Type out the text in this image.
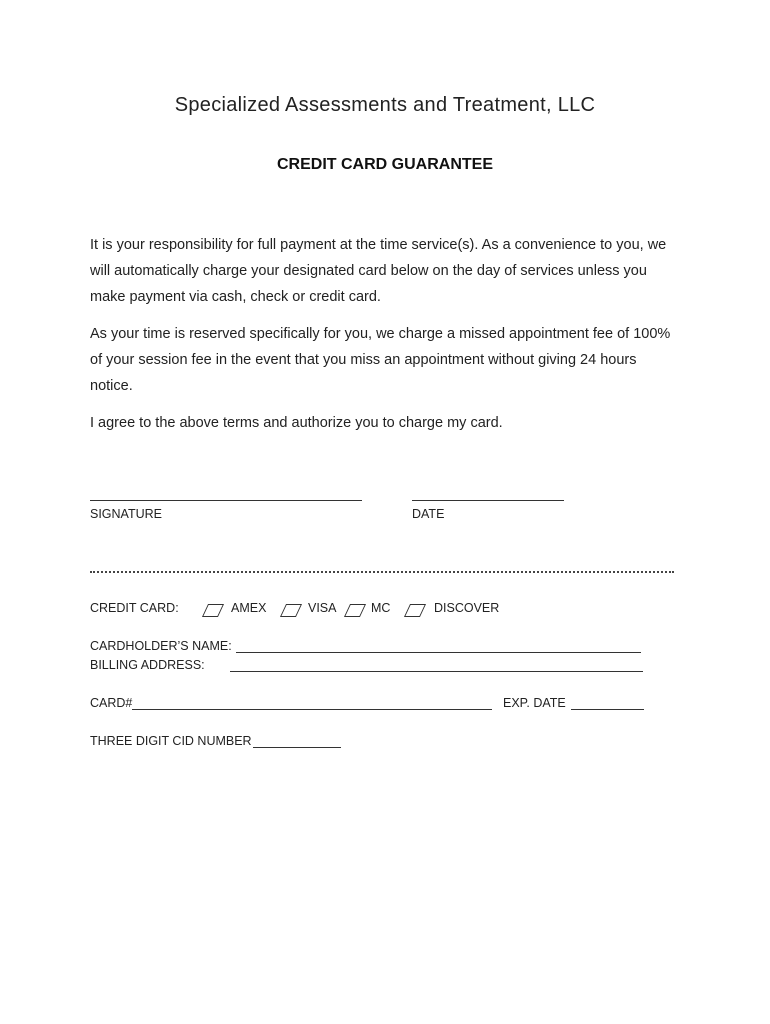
Specialized Assessments and Treatment, LLC
CREDIT CARD GUARANTEE

It is your responsibility for full payment at the time service(s). As a convenience to you, we will automatically charge your designated card below on the day of services unless you make payment via cash, check or credit card.

As your time is reserved specifically for you, we charge a missed appointment fee of 100% of your session fee in the event that you miss an appointment without giving 24 hours notice.

I agree to the above terms and authorize you to charge my card.

SIGNATURE	DATE
CREDIT CARD:	AMEX	VISA	MC	DISCOVER
CARDHOLDER’S NAME:
BILLING ADDRESS:
CARD#	EXP. DATE
THREE DIGIT CID NUMBER
